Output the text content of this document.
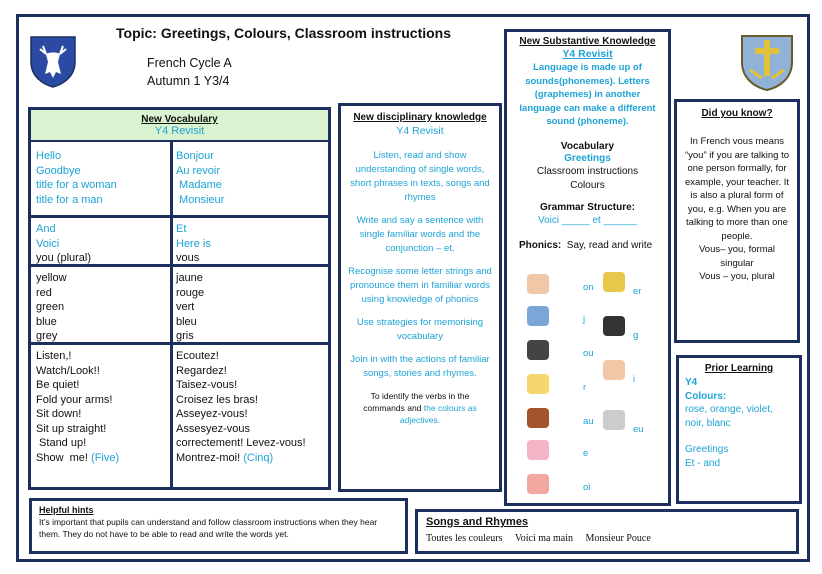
Topic: Greetings, Colours, Classroom instructions
French Cycle A
Autumn 1 Y3/4
New Vocabulary
Y4 Revisit
Hello
Goodbye
title for a woman
title for a man
Bonjour
Au revoir
Madame
Monsieur
And
Voici
you (plural)
Et
Here is
vous
yellow
red
green
blue
grey
jaune
rouge
vert
bleu
gris
Listen,!
Watch/Look!!
Be quiet!
Fold your arms!
Sit down!
Sit up straight!
Stand up!
Show  me! (Five)
Ecoutez!
Regardez!
Taisez-vous!
Croisez les bras!
Asseyez-vous!
Assesyez-vous
correctement! Levez-vous!
Montrez-moi! (Cinq)
New disciplinary knowledge
Y4 Revisit

Listen, read and show understanding of single words, short phrases in texts, songs and rhymes

Write and say a sentence with single familiar words and the conjunction – et.

Recognise some letter strings and pronounce them in familiar words using knowledge of phonics

Use strategies for memorising vocabulary

Join in with the actions of familiar songs, stories and rhymes.

To identify the verbs in the commands and the colours as adjectives.
New Substantive Knowledge
Y4 Revisit
Language is made up of sounds(phonemes). Letters (graphemes) in another language can make a different sound (phoneme).
Vocabulary
Greetings
Classroom instructions
Colours
Grammar Structure:
Voici _____ et ______
Phonics: Say, read and write
on
j
ou
r
au
e
oi
er
g
i
eu
Did you know?
In French vous means “you” if you are talking to one person formally, for example, your teacher. It is also a plural form of you, e.g. When you are talking to more than one people.
Vous– you, formal singular
Vous – you, plural
Prior Learning
Y4
Colours:
rose, orange, violet, noir, blanc
Greetings
Et - and
Helpful hints
It’s important that pupils can understand and follow classroom instructions when they hear them. They do not have to be able to read and write the words yet.
Songs and Rhymes
Toutes les couleurs Voici ma main Monsieur Pouce
